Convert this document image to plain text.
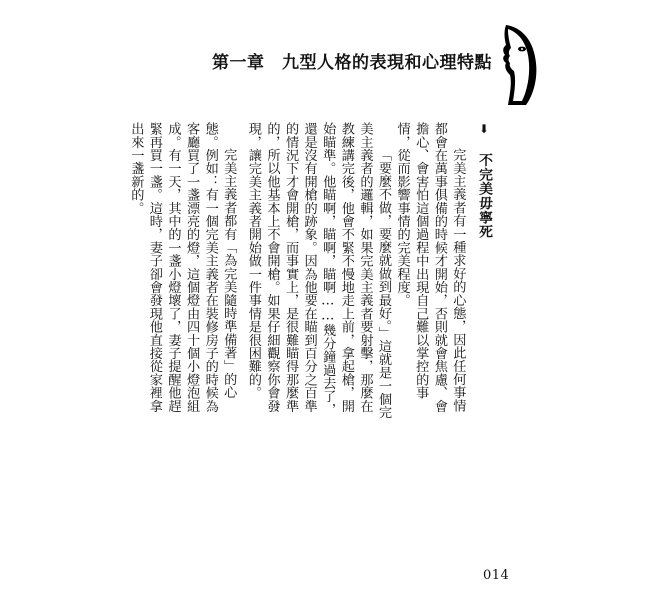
第一章　九型人格的表現和心理特點
⬇ 不完美毋寧死

完美主義者有一種求好的心態，因此任何事情都會在萬事俱備的時候才開始，否則就會焦慮、會擔心、會害怕這個過程中出現自己難以掌控的事情，從而影響事情的完美程度。

「要麼不做，要麼就做到最好。」這就是一個完美主義者的邏輯，如果完美主義者要射擊，那麼在教練講完後，他會不緊不慢地走上前，拿起槍，開始瞄準。他瞄啊，瞄啊，瞄啊……幾分鐘過去了，還是沒有開槍的跡象。因為他要在瞄到百分之百準的情況下才會開槍，而事實上，是很難瞄得那麼準的，所以他基本上不會開槍。如果仔細觀察你會發現，讓完美主義者開始做一件事情是很困難的。

完美主義者都有「為完美隨時準備著」的心態。例如：有一個完美主義者在裝修房子的時候為客廳買了一盞漂亮的燈，這個燈由四十個小燈泡組成。有一天，其中的一盞小燈壞了，妻子提醒他趕緊再買一盞。這時，妻子卻會發現他直接從家裡拿出來一盞新的。

014
